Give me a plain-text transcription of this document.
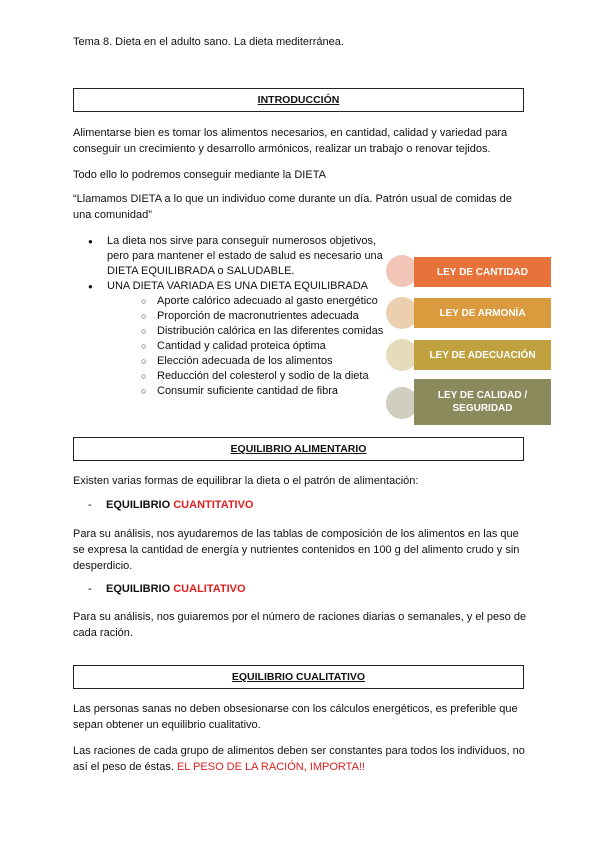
Tema 8. Dieta en el adulto sano. La dieta mediterránea.
INTRODUCCIÓN
Alimentarse bien es tomar los alimentos necesarios, en cantidad, calidad y variedad para conseguir un crecimiento y desarrollo armónicos, realizar un trabajo o renovar tejidos.
Todo ello lo podremos conseguir mediante la DIETA
“Llamamos DIETA a lo que un individuo come durante un día. Patrón usual de comidas de una comunidad”
● La dieta nos sirve para conseguir numerosos objetivos, pero para mantener el estado de salud es necesario una DIETA EQUILIBRADA o SALUDABLE.
● UNA DIETA VARIADA ES UNA DIETA EQUILIBRADA
○ Aporte calórico adecuado al gasto energético
○ Proporción de macronutrientes adecuada
○ Distribución calórica en las diferentes comidas
○ Cantidad y calidad proteica óptima
○ Elección adecuada de los alimentos
○ Reducción del colesterol y sodio de la dieta
○ Consumir suficiente cantidad de fibra
LEY DE CANTIDAD
LEY DE ARMONÍA
LEY DE ADECUACIÓN
LEY DE CALIDAD / SEGURIDAD
EQUILIBRIO ALIMENTARIO
Existen varias formas de equilibrar la dieta o el patrón de alimentación:
- EQUILIBRIO CUANTITATIVO
Para su análisis, nos ayudaremos de las tablas de composición de los alimentos en las que se expresa la cantidad de energía y nutrientes contenidos en 100 g del alimento crudo y sin desperdicio.
- EQUILIBRIO CUALITATIVO
Para su análisis, nos guiaremos por el número de raciones diarias o semanales, y el peso de cada ración.
EQUILIBRIO CUALITATIVO
Las personas sanas no deben obsesionarse con los cálculos energéticos, es preferible que sepan obtener un equilibrio cualitativo.
Las raciones de cada grupo de alimentos deben ser constantes para todos los individuos, no así el peso de éstas. EL PESO DE LA RACIÓN, IMPORTA!!
